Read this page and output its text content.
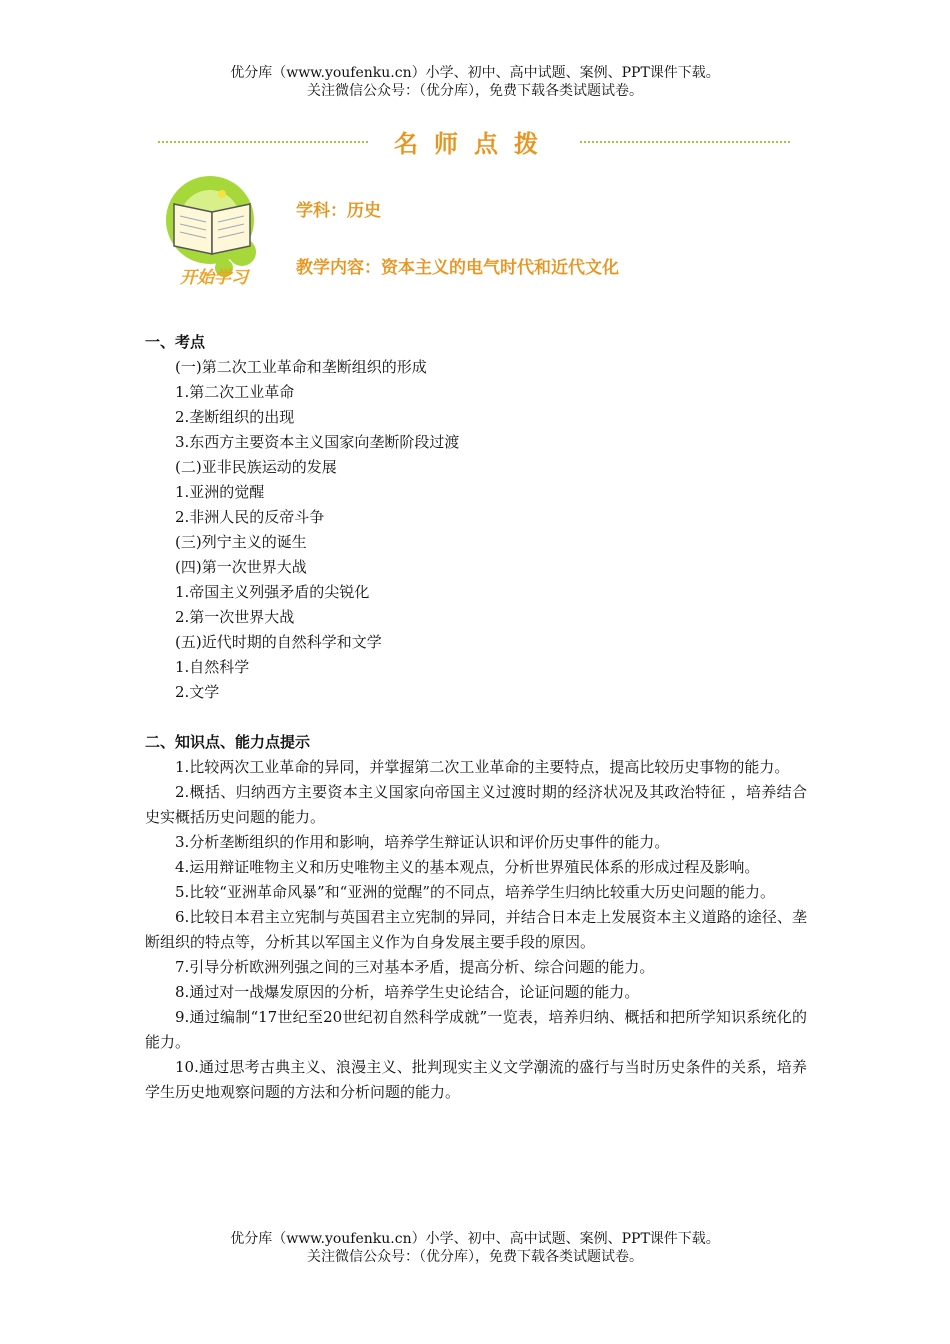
优分库（www.youfenku.cn）小学、初中、高中试题、案例、PPT课件下载。
关注微信公众号：（优分库），免费下载各类试题试卷。
名师点拨
开始学习
学科：历史
教学内容：资本主义的电气时代和近代文化
一、考点
(一)第二次工业革命和垄断组织的形成
1.第二次工业革命
2.垄断组织的出现
3.东西方主要资本主义国家向垄断阶段过渡
(二)亚非民族运动的发展
1.亚洲的觉醒
2.非洲人民的反帝斗争
(三)列宁主义的诞生
(四)第一次世界大战
1.帝国主义列强矛盾的尖锐化
2.第一次世界大战
(五)近代时期的自然科学和文学
1.自然科学
2.文学
二、知识点、能力点提示
1.比较两次工业革命的异同，并掌握第二次工业革命的主要特点，提高比较历史事物的能力。
2.概括、归纳西方主要资本主义国家向帝国主义过渡时期的经济状况及其政治特征 ，培养结合史实概括历史问题的能力。
3.分析垄断组织的作用和影响，培养学生辩证认识和评价历史事件的能力。
4.运用辩证唯物主义和历史唯物主义的基本观点，分析世界殖民体系的形成过程及影响。
5.比较“亚洲革命风暴”和“亚洲的觉醒”的不同点，培养学生归纳比较重大历史问题的能力。
6.比较日本君主立宪制与英国君主立宪制的异同，并结合日本走上发展资本主义道路的途径、垄断组织的特点等，分析其以军国主义作为自身发展主要手段的原因。
7.引导分析欧洲列强之间的三对基本矛盾，提高分析、综合问题的能力。
8.通过对一战爆发原因的分析，培养学生史论结合，论证问题的能力。
9.通过编制“17世纪至20世纪初自然科学成就”一览表，培养归纳、概括和把所学知识系统化的能力。
10.通过思考古典主义、浪漫主义、批判现实主义文学潮流的盛行与当时历史条件的关系，培养学生历史地观察问题的方法和分析问题的能力。
优分库（www.youfenku.cn）小学、初中、高中试题、案例、PPT课件下载。
关注微信公众号：（优分库），免费下载各类试题试卷。
